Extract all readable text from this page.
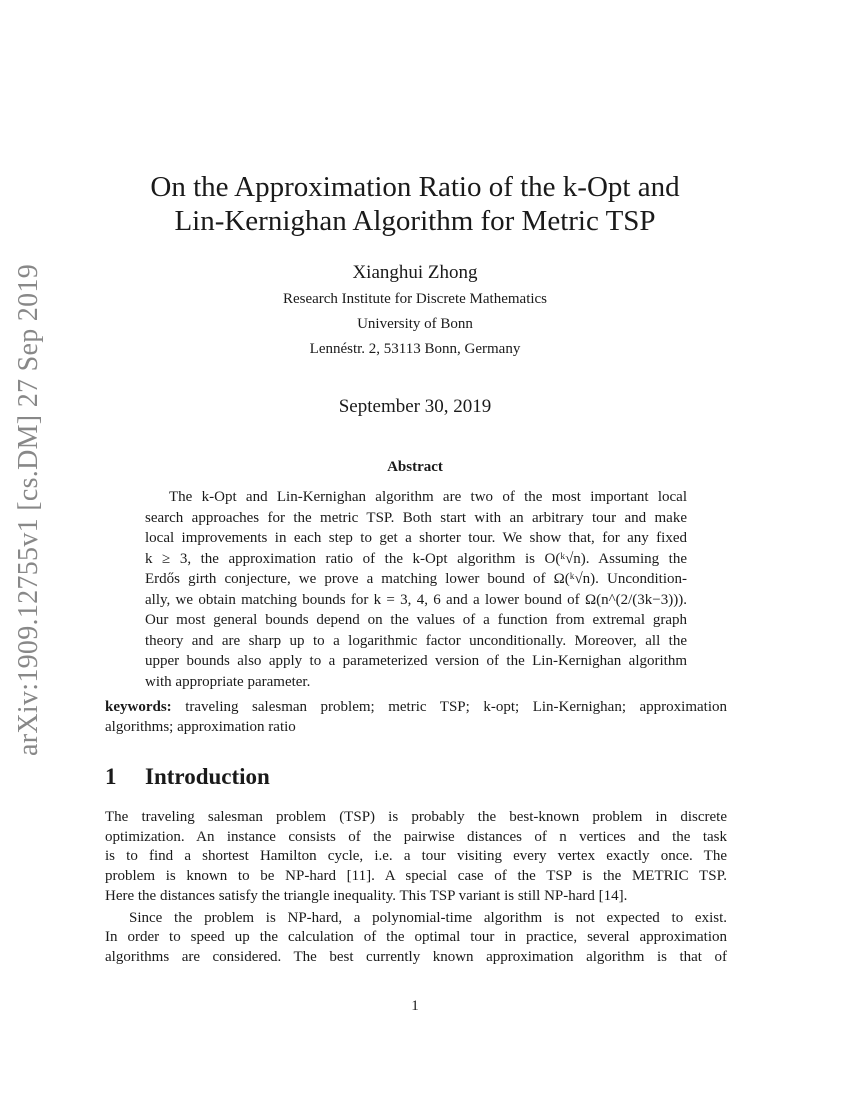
arXiv:1909.12755v1 [cs.DM] 27 Sep 2019
On the Approximation Ratio of the k-Opt and
Lin-Kernighan Algorithm for Metric TSP
Xianghui Zhong
Research Institute for Discrete Mathematics
University of Bonn
Lennéstr. 2, 53113 Bonn, Germany
September 30, 2019
Abstract
The k-Opt and Lin-Kernighan algorithm are two of the most important local
search approaches for the metric TSP. Both start with an arbitrary tour and make
local improvements in each step to get a shorter tour. We show that, for any fixed
k ≥ 3, the approximation ratio of the k-Opt algorithm is O(ᵏ√n). Assuming the
Erdős girth conjecture, we prove a matching lower bound of Ω(ᵏ√n). Uncondition-
ally, we obtain matching bounds for k = 3, 4, 6 and a lower bound of Ω(n^(2/(3k−3))).
Our most general bounds depend on the values of a function from extremal graph
theory and are sharp up to a logarithmic factor unconditionally. Moreover, all the
upper bounds also apply to a parameterized version of the Lin-Kernighan algorithm
with appropriate parameter.
keywords: traveling salesman problem; metric TSP; k-opt; Lin-Kernighan; approximation
algorithms; approximation ratio
1 Introduction
The traveling salesman problem (TSP) is probably the best-known problem in discrete
optimization. An instance consists of the pairwise distances of n vertices and the task
is to find a shortest Hamilton cycle, i.e. a tour visiting every vertex exactly once. The
problem is known to be NP-hard [11]. A special case of the TSP is the METRIC TSP.
Here the distances satisfy the triangle inequality. This TSP variant is still NP-hard [14].
Since the problem is NP-hard, a polynomial-time algorithm is not expected to exist.
In order to speed up the calculation of the optimal tour in practice, several approximation
algorithms are considered. The best currently known approximation algorithm is that of
1
